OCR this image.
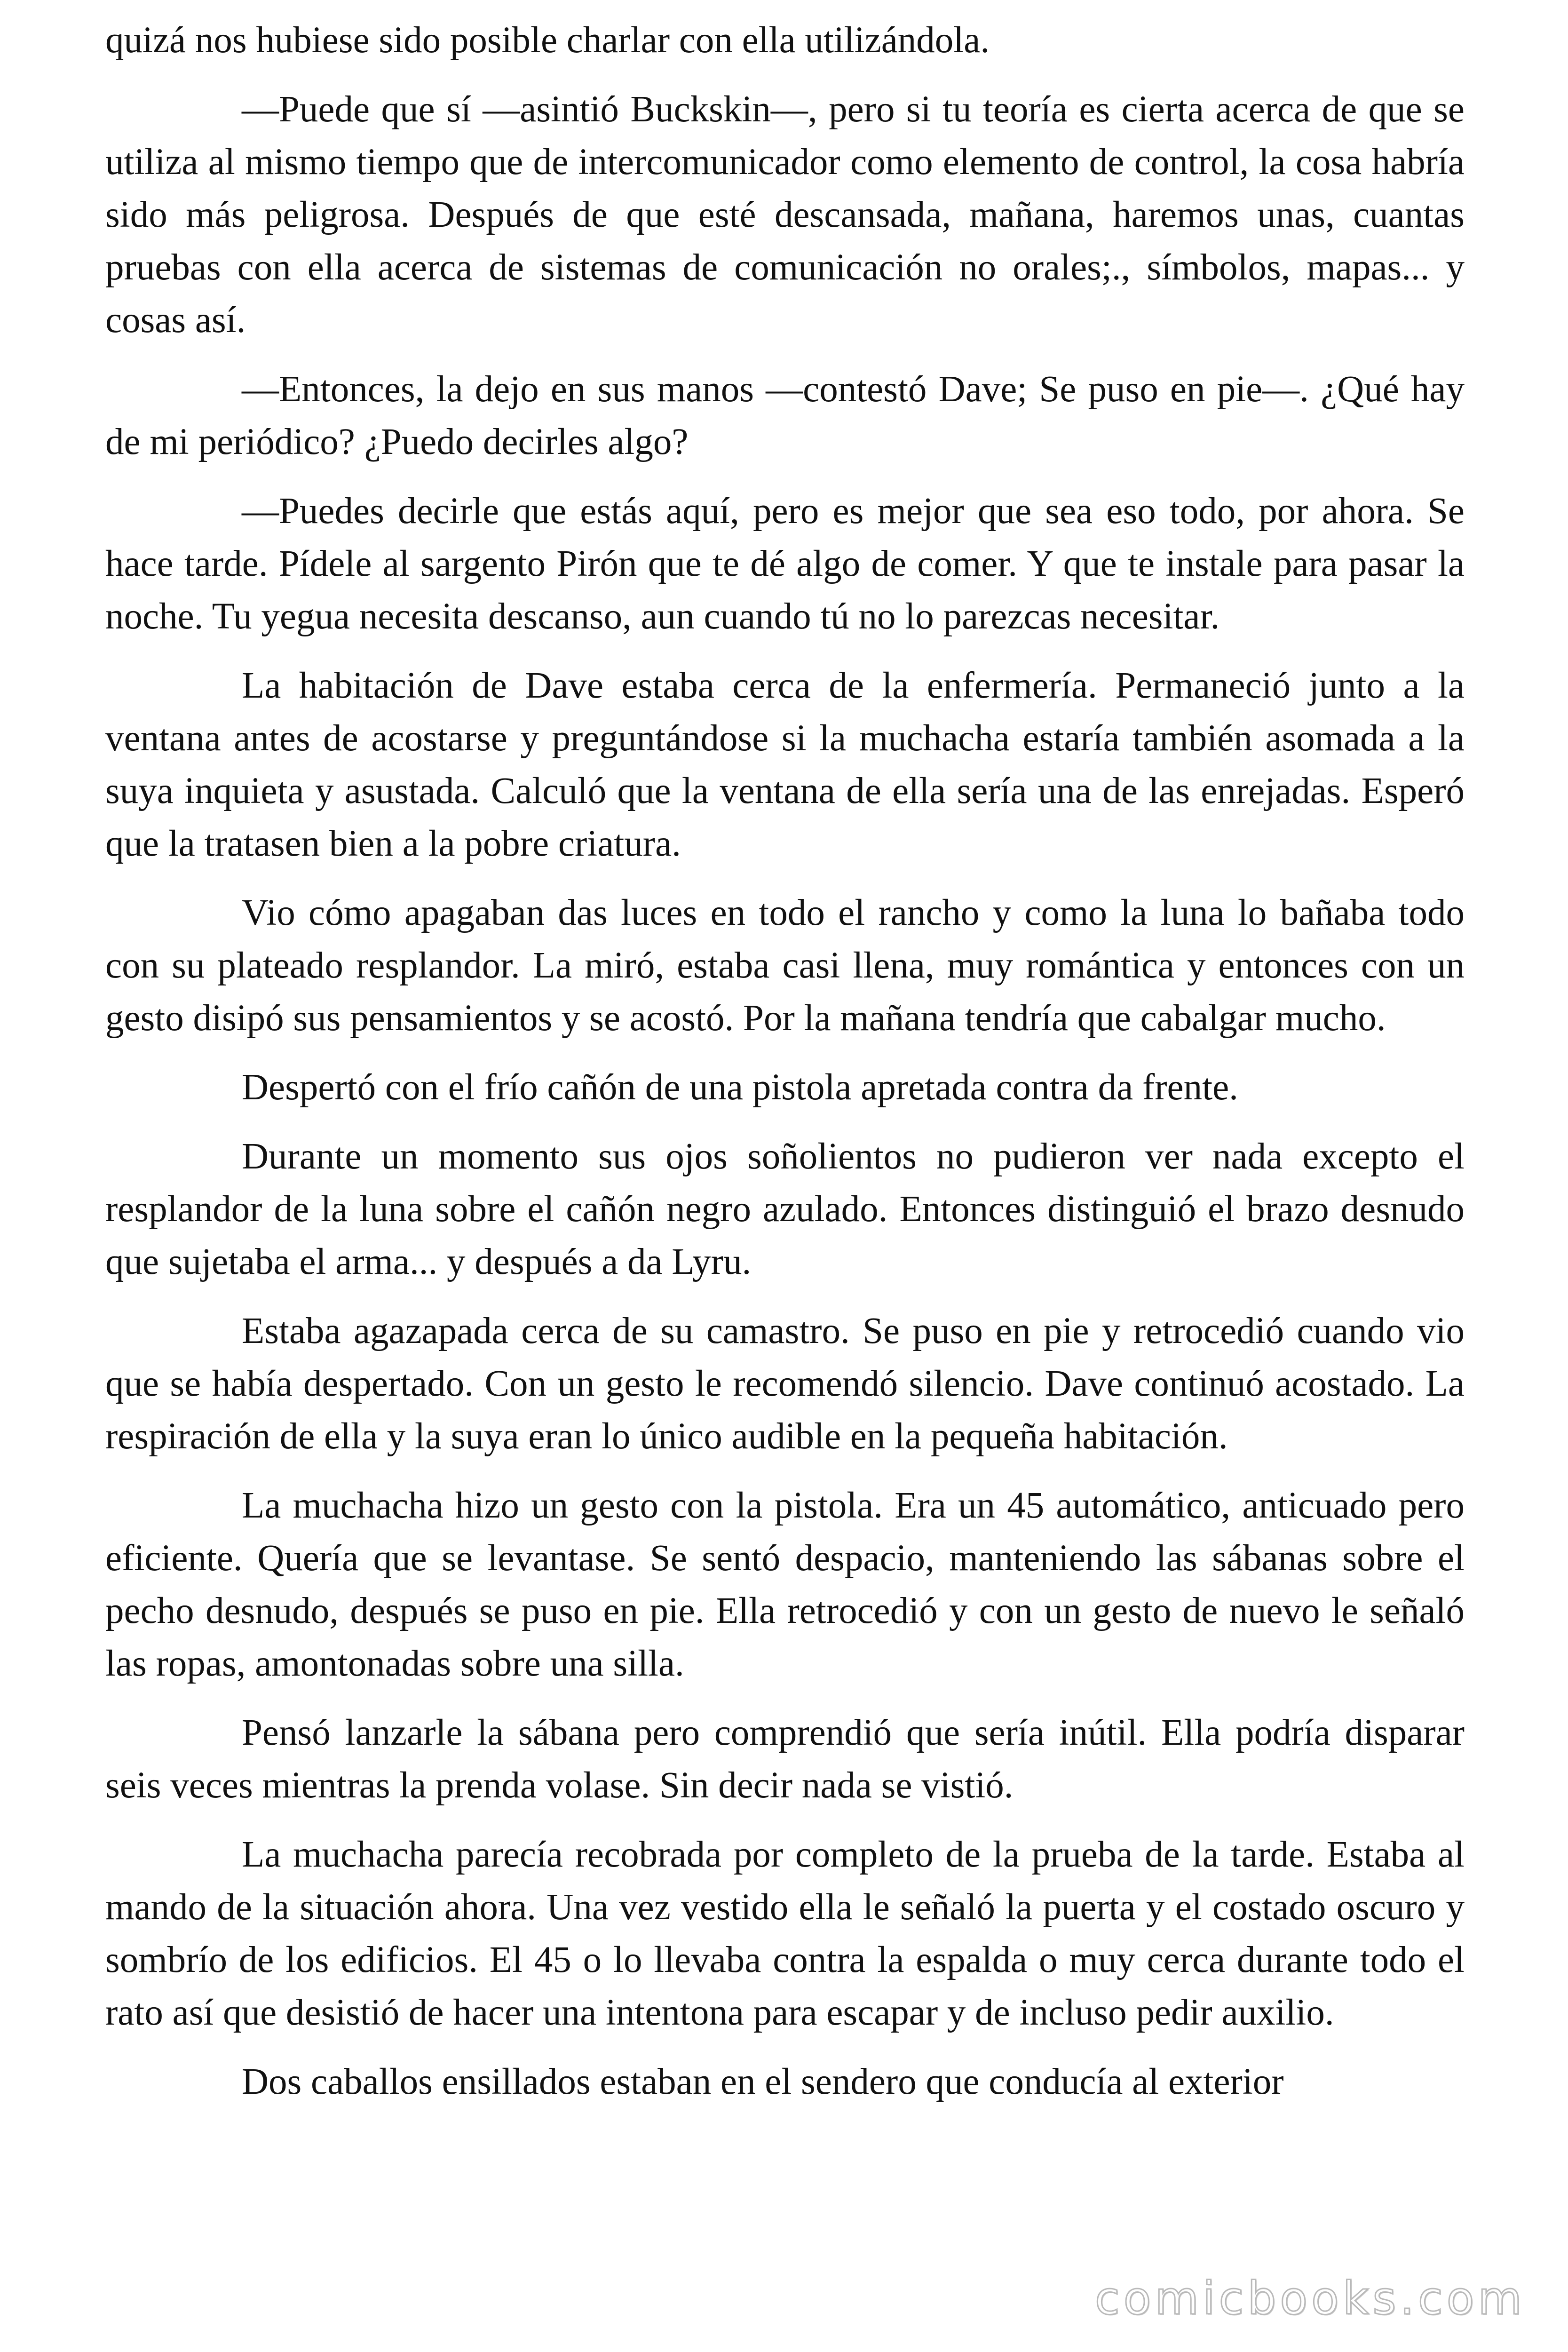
quizá nos hubiese sido posible charlar con ella utilizándola.

—Puede que sí —asintió Buckskin—, pero si tu teoría es cierta acerca de que se utiliza al mismo tiempo que de intercomunicador como elemento de control, la cosa habría sido más peligrosa. Después de que esté descansada, mañana, haremos unas, cuantas pruebas con ella acerca de sistemas de comunicación no orales;., símbolos, mapas... y cosas así.

—Entonces, la dejo en sus manos —contestó Dave; Se puso en pie—. ¿Qué hay de mi periódico? ¿Puedo decirles algo?

—Puedes decirle que estás aquí, pero es mejor que sea eso todo, por ahora. Se hace tarde. Pídele al sargento Pirón que te dé algo de comer. Y que te instale para pasar la noche. Tu yegua necesita descanso, aun cuando tú no lo parezcas necesitar.

La habitación de Dave estaba cerca de la enfermería. Permaneció junto a la ventana antes de acostarse y preguntándose si la muchacha estaría también asomada a la suya inquieta y asustada. Calculó que la ventana de ella sería una de las enrejadas. Esperó que la tratasen bien a la pobre criatura.

Vio cómo apagaban das luces en todo el rancho y como la luna lo bañaba todo con su plateado resplandor. La miró, estaba casi llena, muy romántica y entonces con un gesto disipó sus pensamientos y se acostó. Por la mañana tendría que cabalgar mucho.

Despertó con el frío cañón de una pistola apretada contra da frente.

Durante un momento sus ojos soñolientos no pudieron ver nada excepto el resplandor de la luna sobre el cañón negro azulado. Entonces distinguió el brazo desnudo que sujetaba el arma... y después a da Lyru.

Estaba agazapada cerca de su camastro. Se puso en pie y retrocedió cuando vio que se había despertado. Con un gesto le recomendó silencio. Dave continuó acostado. La respiración de ella y la suya eran lo único audible en la pequeña habitación.

La muchacha hizo un gesto con la pistola. Era un 45 automático, anticuado pero eficiente. Quería que se levantase. Se sentó despacio, manteniendo las sábanas sobre el pecho desnudo, después se puso en pie. Ella retrocedió y con un gesto de nuevo le señaló las ropas, amontonadas sobre una silla.

Pensó lanzarle la sábana pero comprendió que sería inútil. Ella podría disparar seis veces mientras la prenda volase. Sin decir nada se vistió.

La muchacha parecía recobrada por completo de la prueba de la tarde. Estaba al mando de la situación ahora. Una vez vestido ella le señaló la puerta y el costado oscuro y sombrío de los edificios. El 45 o lo llevaba contra la espalda o muy cerca durante todo el rato así que desistió de hacer una intentona para escapar y de incluso pedir auxilio.

Dos caballos ensillados estaban en el sendero que conducía al exterior

comicbooks.com
